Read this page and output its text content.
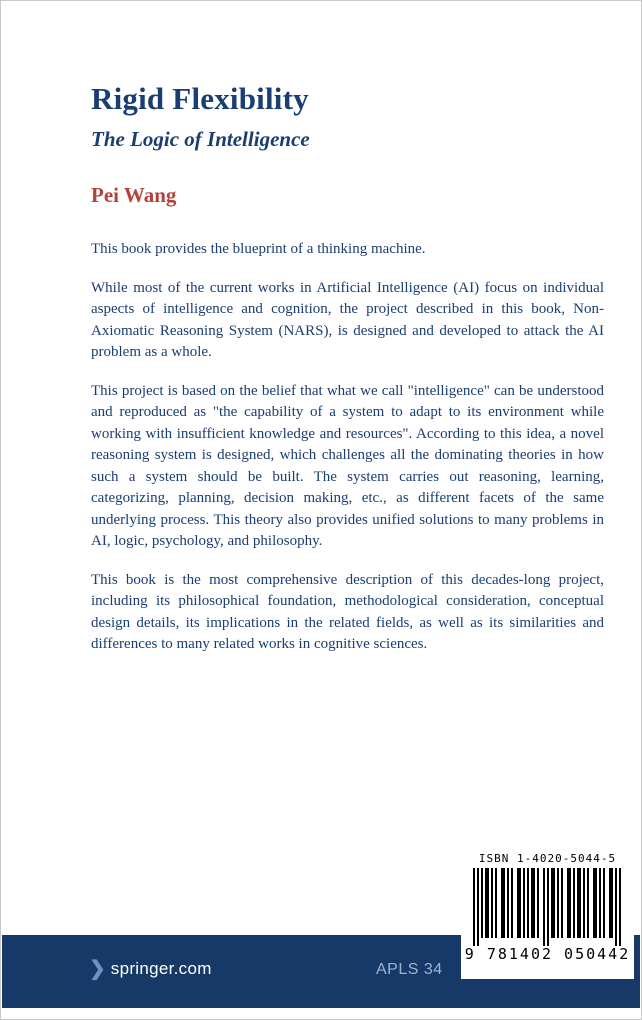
Rigid Flexibility
The Logic of Intelligence
Pei Wang

This book provides the blueprint of a thinking machine.

While most of the current works in Artificial Intelligence (AI) focus on individual aspects of intelligence and cognition, the project described in this book, Non-Axiomatic Reasoning System (NARS), is designed and developed to attack the AI problem as a whole.

This project is based on the belief that what we call "intelligence" can be understood and reproduced as "the capability of a system to adapt to its environment while working with insufficient knowledge and resources". According to this idea, a novel reasoning system is designed, which challenges all the dominating theories in how such a system should be built. The system carries out reasoning, learning, categorizing, planning, decision making, etc., as different facets of the same underlying process. This theory also provides unified solutions to many problems in AI, logic, psychology, and philosophy.

This book is the most comprehensive description of this decades-long project, including its philosophical foundation, methodological consideration, conceptual design details, its implications in the related fields, as well as its similarities and differences to many related works in cognitive sciences.

ISBN 1-4020-5044-5
9 781402 050442
❯ springer.com	APLS 34
